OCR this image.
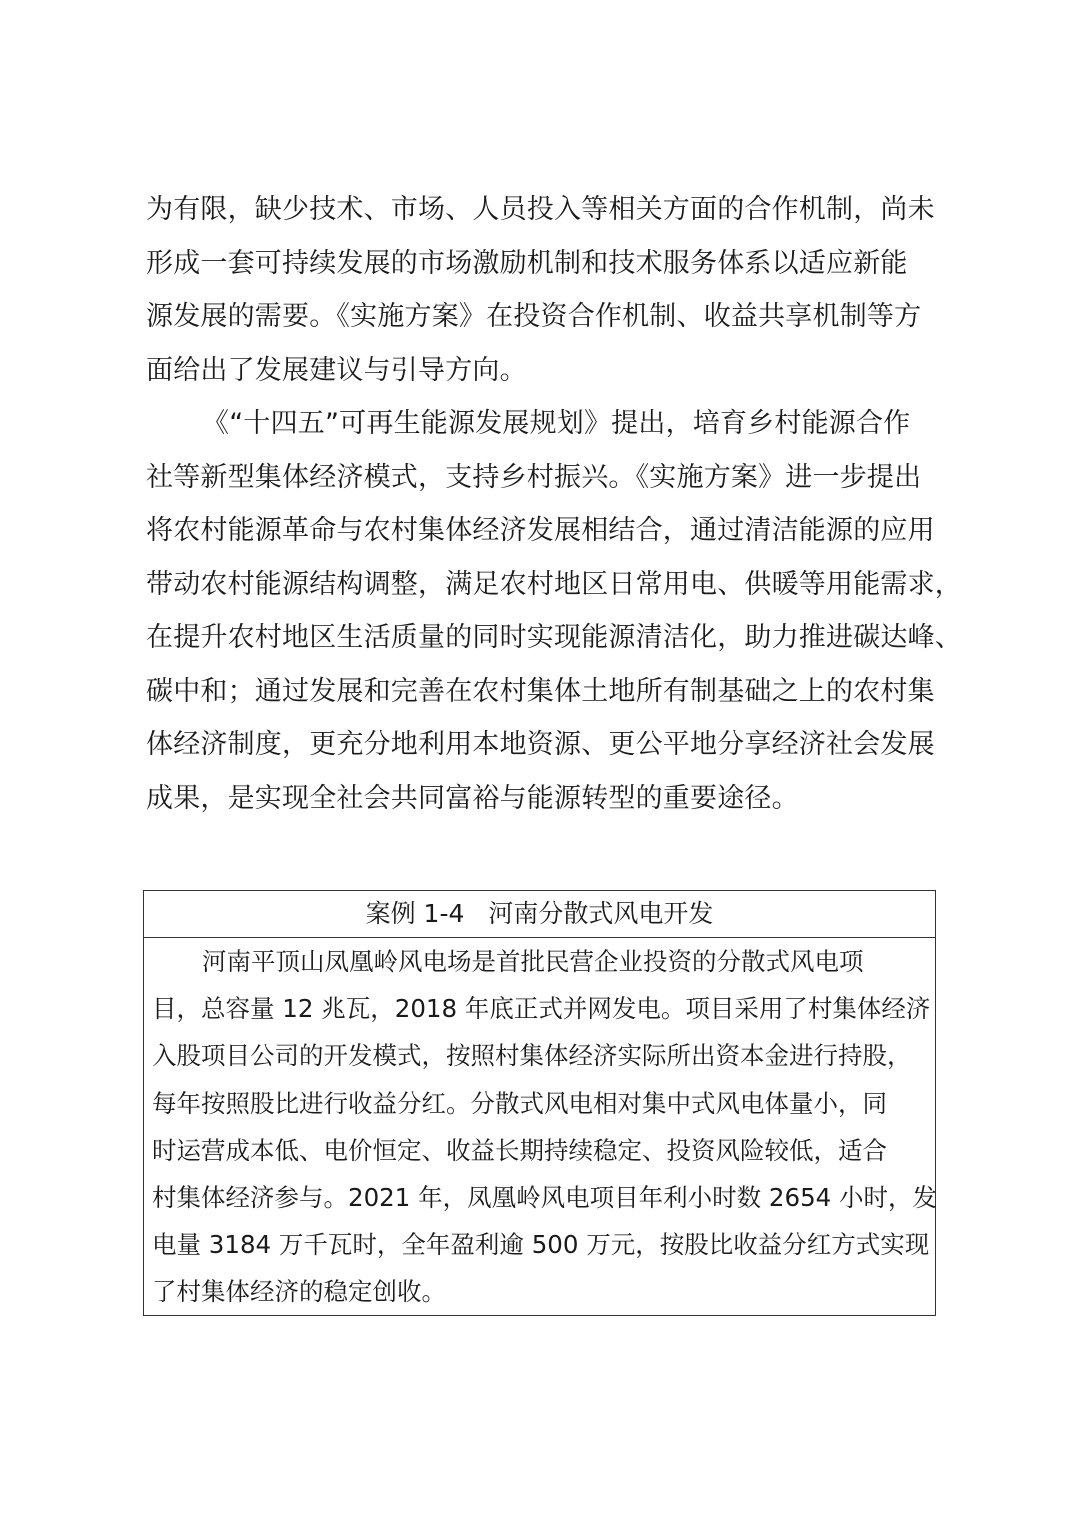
为有限，缺少技术、市场、人员投入等相关方面的合作机制，尚未
形成一套可持续发展的市场激励机制和技术服务体系以适应新能
源发展的需要。《实施方案》在投资合作机制、收益共享机制等方
面给出了发展建议与引导方向。
《“十四五”可再生能源发展规划》提出，培育乡村能源合作
社等新型集体经济模式，支持乡村振兴。《实施方案》进一步提出
将农村能源革命与农村集体经济发展相结合，通过清洁能源的应用
带动农村能源结构调整，满足农村地区日常用电、供暖等用能需求，
在提升农村地区生活质量的同时实现能源清洁化，助力推进碳达峰、
碳中和；通过发展和完善在农村集体土地所有制基础之上的农村集
体经济制度，更充分地利用本地资源、更公平地分享经济社会发展
成果，是实现全社会共同富裕与能源转型的重要途径。
案例 1-4 河南分散式风电开发
河南平顶山凤凰岭风电场是首批民营企业投资的分散式风电项
目，总容量 12 兆瓦，2018 年底正式并网发电。项目采用了村集体经济
入股项目公司的开发模式，按照村集体经济实际所出资本金进行持股，
每年按照股比进行收益分红。分散式风电相对集中式风电体量小，同
时运营成本低、电价恒定、收益长期持续稳定、投资风险较低，适合
村集体经济参与。2021 年，凤凰岭风电项目年利小时数 2654 小时，发
电量 3184 万千瓦时，全年盈利逾 500 万元，按股比收益分红方式实现
了村集体经济的稳定创收。
